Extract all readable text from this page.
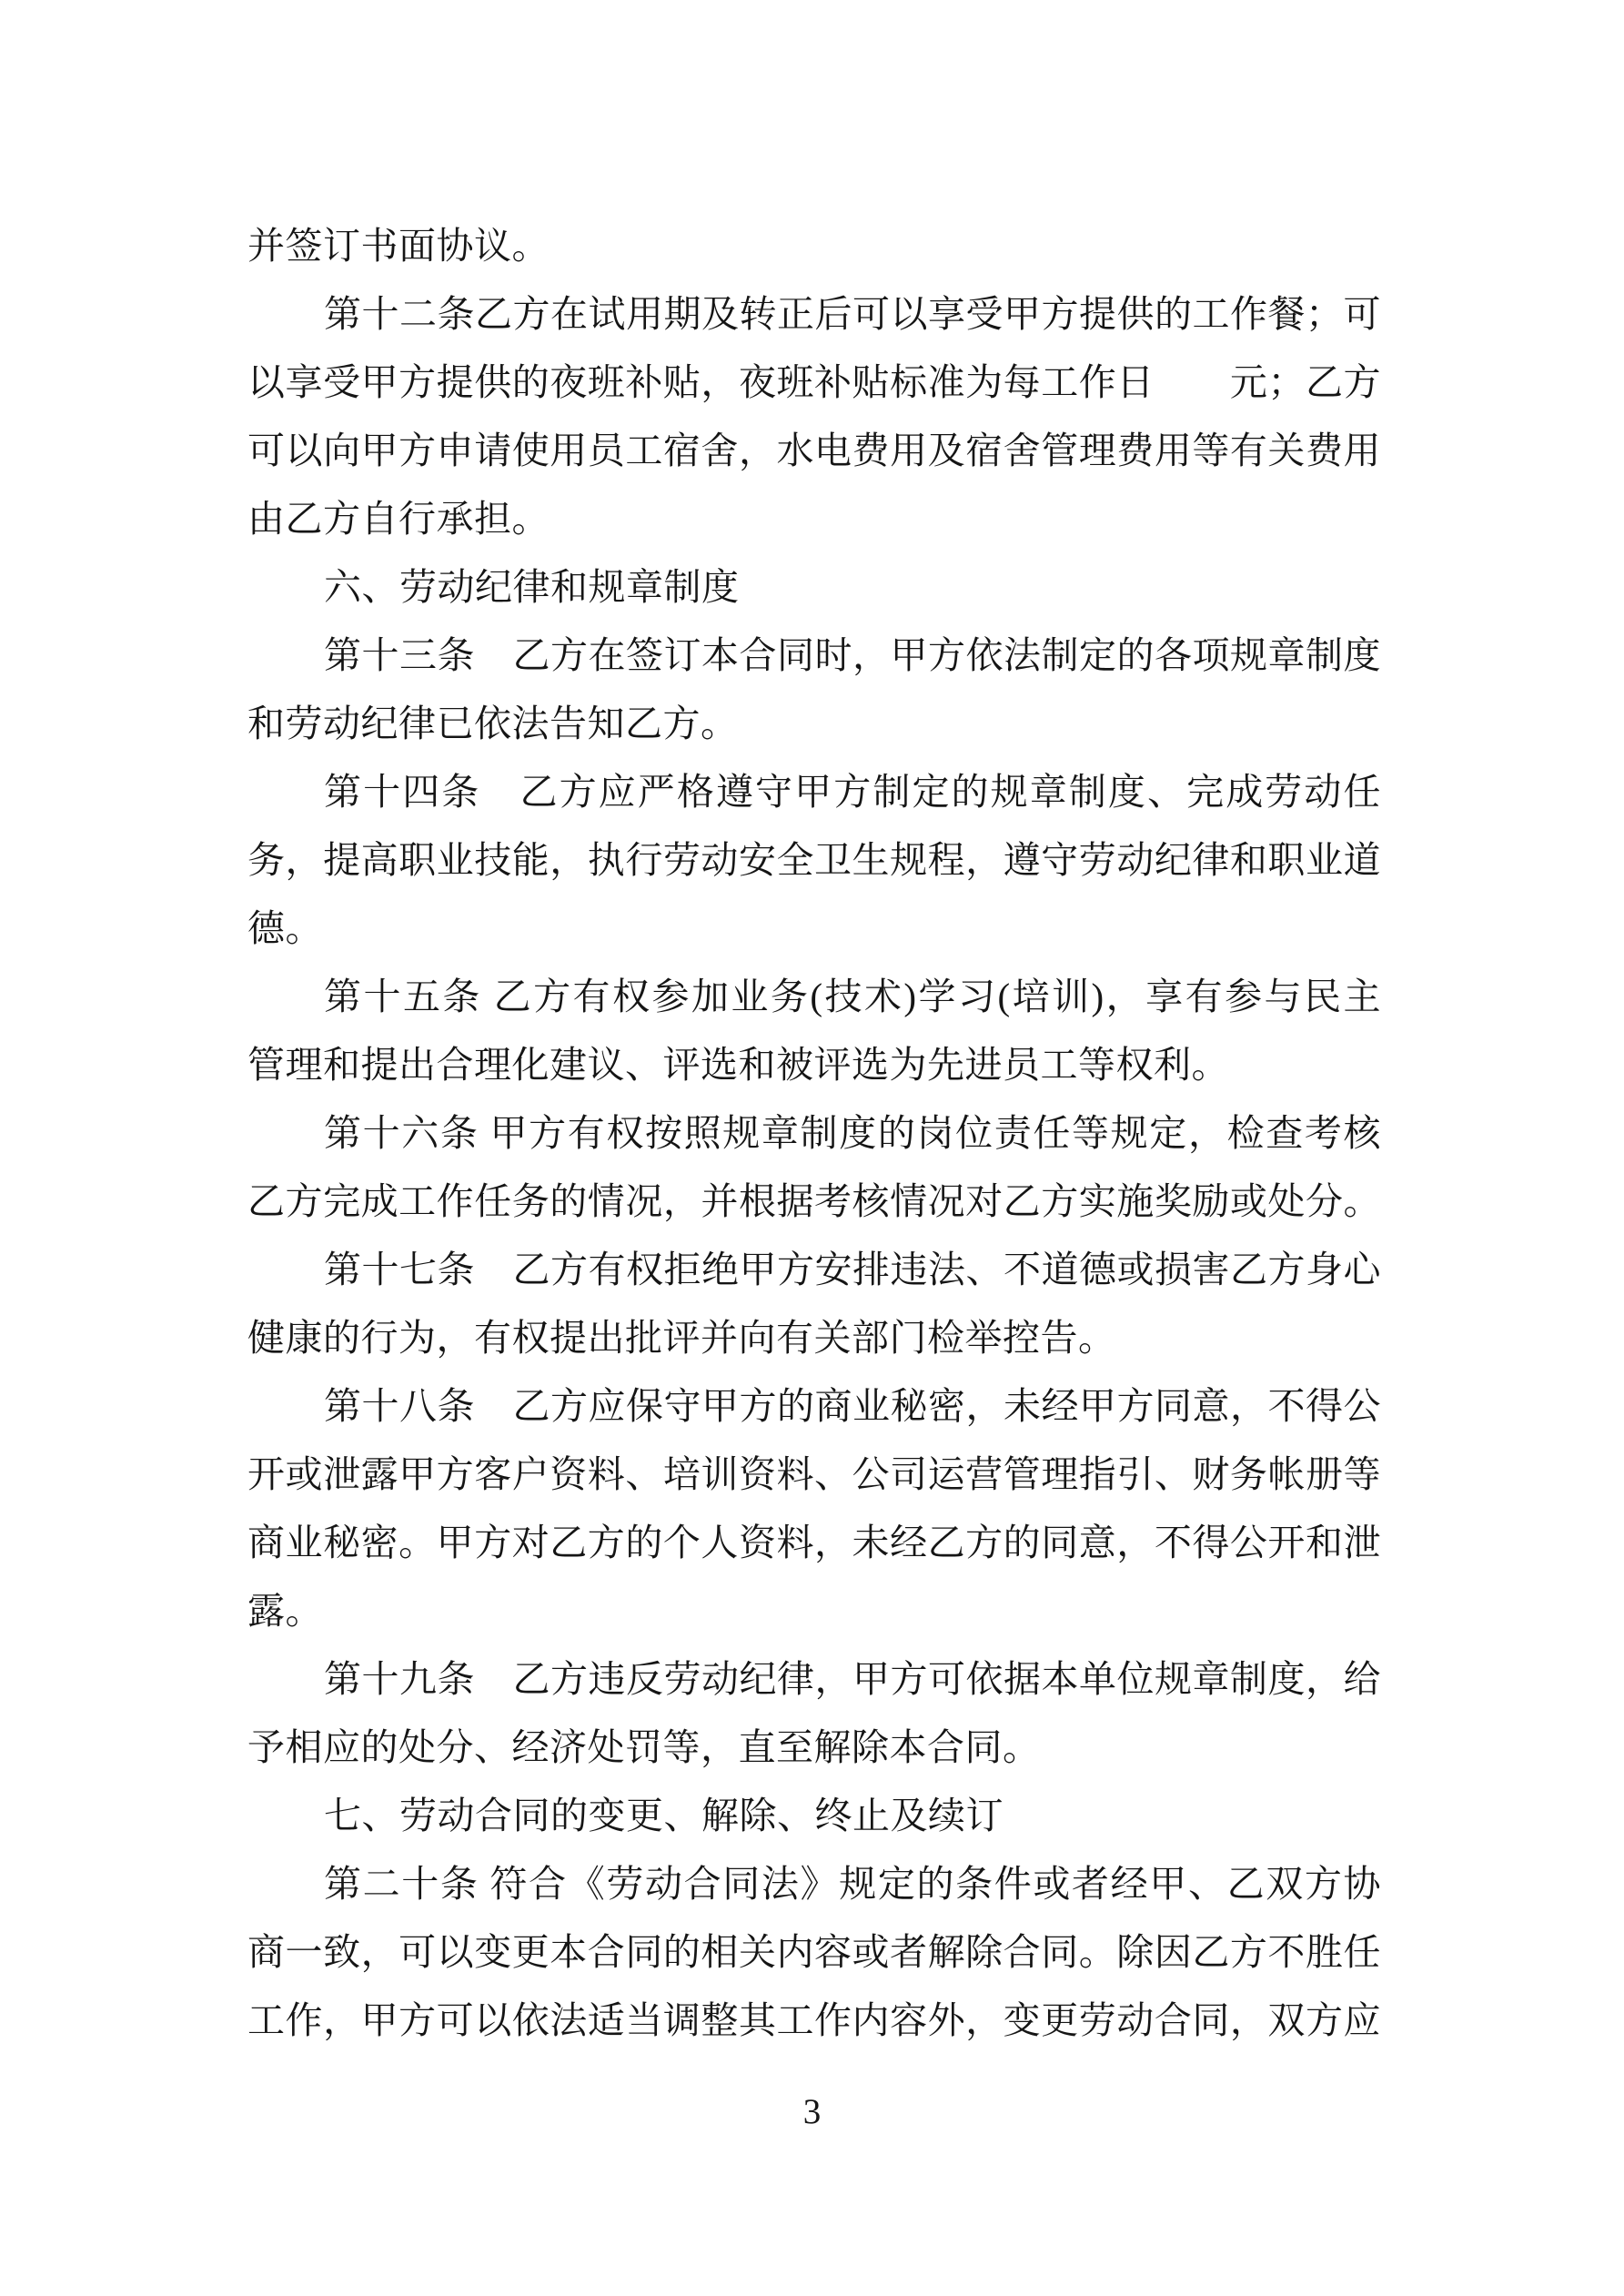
并签订书面协议。
第十二条乙方在试用期及转正后可以享受甲方提供的工作餐；可
以享受甲方提供的夜班补贴，夜班补贴标准为每工作日　　元；乙方
可以向甲方申请使用员工宿舍，水电费用及宿舍管理费用等有关费用
由乙方自行承担。
六、劳动纪律和规章制度
第十三条　乙方在签订本合同时，甲方依法制定的各项规章制度
和劳动纪律已依法告知乙方。
第十四条　乙方应严格遵守甲方制定的规章制度、完成劳动任
务，提高职业技能，执行劳动安全卫生规程，遵守劳动纪律和职业道
德。
第十五条 乙方有权参加业务(技术)学习(培训)，享有参与民主
管理和提出合理化建议、评选和被评选为先进员工等权利。
第十六条 甲方有权按照规章制度的岗位责任等规定，检查考核
乙方完成工作任务的情况，并根据考核情况对乙方实施奖励或处分。
第十七条　乙方有权拒绝甲方安排违法、不道德或损害乙方身心
健康的行为，有权提出批评并向有关部门检举控告。
第十八条　乙方应保守甲方的商业秘密，未经甲方同意，不得公
开或泄露甲方客户资料、培训资料、公司运营管理指引、财务帐册等
商业秘密。甲方对乙方的个人资料，未经乙方的同意，不得公开和泄
露。
第十九条　乙方违反劳动纪律，甲方可依据本单位规章制度，给
予相应的处分、经济处罚等，直至解除本合同。
七、劳动合同的变更、解除、终止及续订
第二十条 符合《劳动合同法》规定的条件或者经甲、乙双方协
商一致，可以变更本合同的相关内容或者解除合同。除因乙方不胜任
工作，甲方可以依法适当调整其工作内容外，变更劳动合同，双方应
3
